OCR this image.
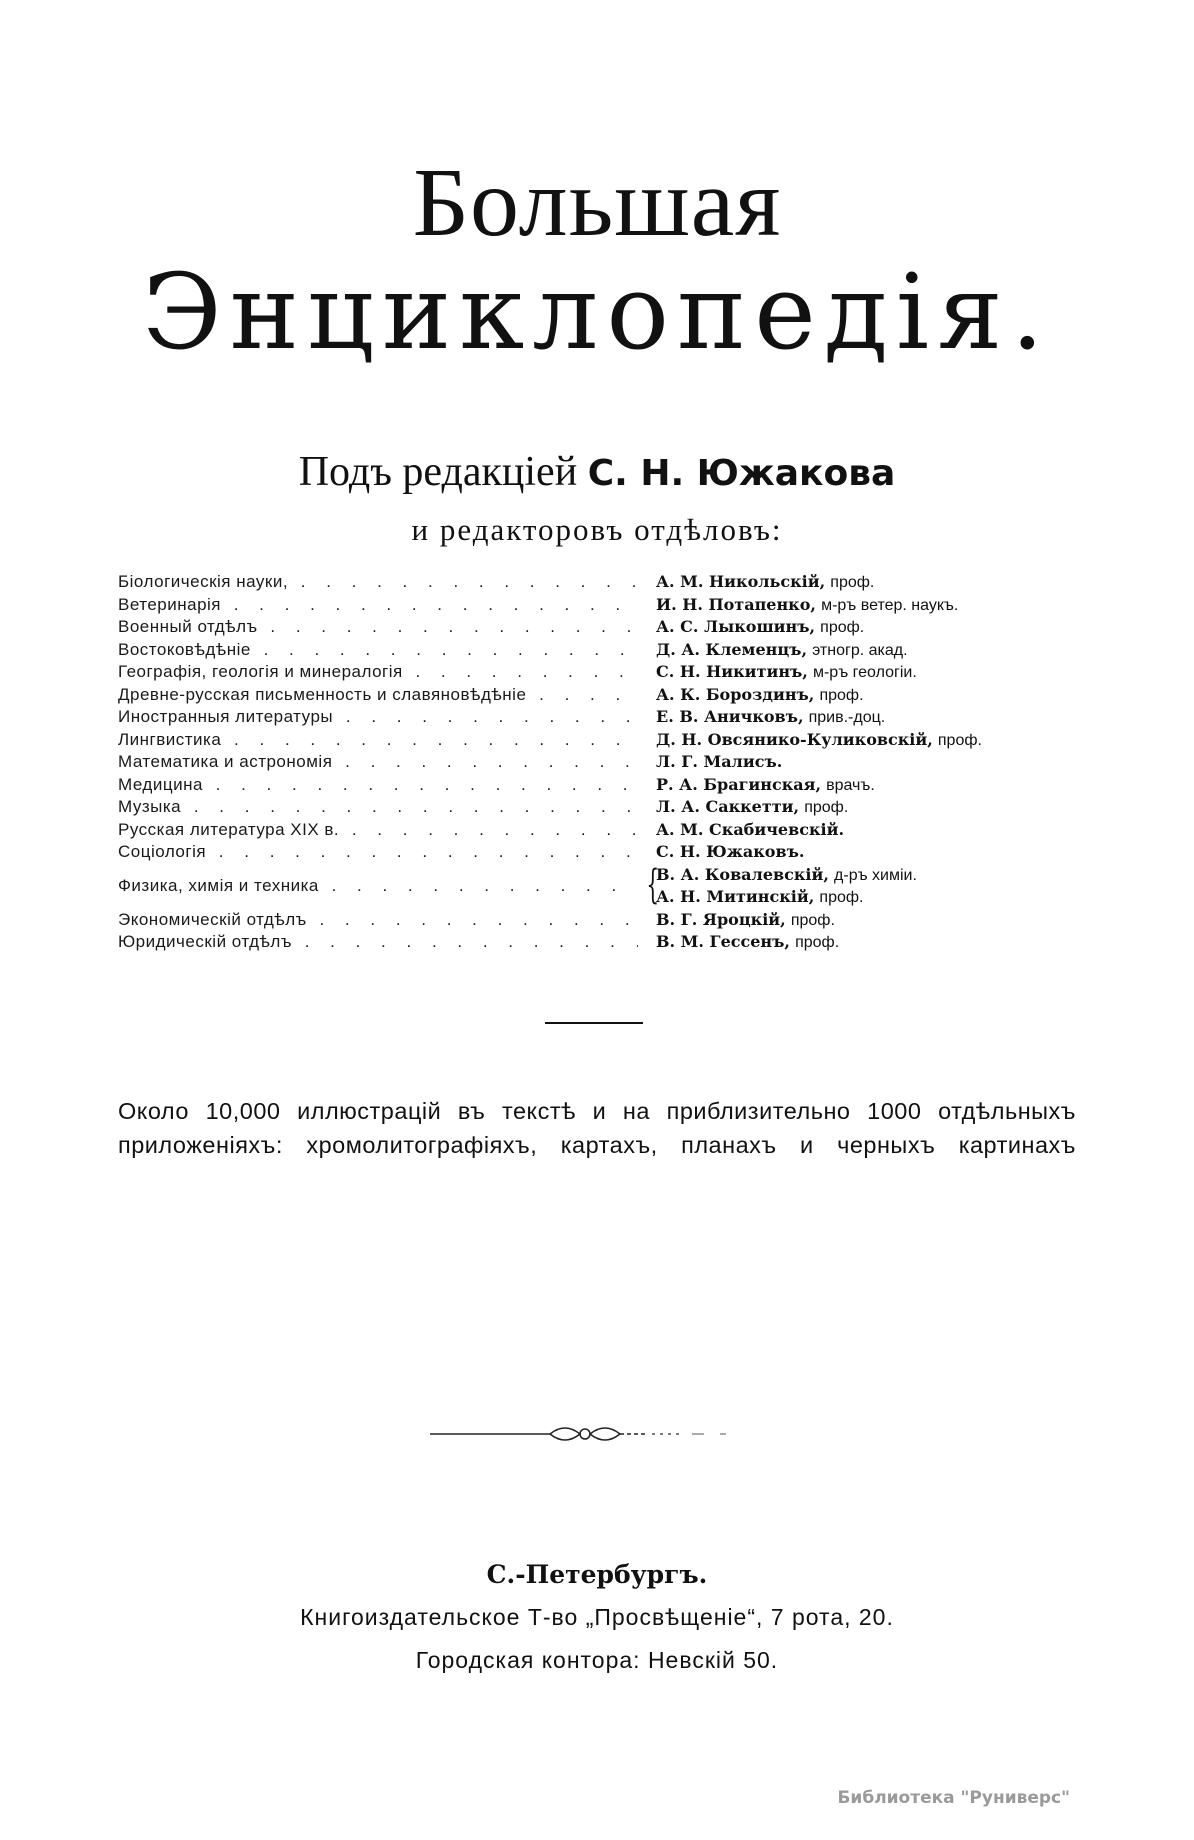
Большая
Энциклопедія.
Подъ редакціей С. Н. Южакова
и редакторовъ отдѣловъ:
Біологическія науки, . . .	А. М. Никольскій, проф.
Ветеринарія . . .	И. Н. Потапенко, м-ръ ветер. наукъ.
Военный отдѣлъ . . .	А. С. Лыкошинъ, проф.
Востоковѣдѣніе . . .	Д. А. Клеменцъ, этногр. акад.
Географія, геологія и минералогія . . .	С. Н. Никитинъ, м-ръ геологіи.
Древне-русская письменность и славяновѣдѣніе . . .	А. К. Бороздинъ, проф.
Иностранныя литературы . . .	Е. В. Аничковъ, прив.-доц.
Лингвистика . . .	Д. Н. Овсянико-Куликовскій, проф.
Математика и астрономія . . .	Л. Г. Малисъ.
Медицина . . .	Р. А. Брагинская, врачъ.
Музыка . . .	Л. А. Саккетти, проф.
Русская литература XIX в. . . .	А. М. Скабичевскій.
Соціологія . . .	С. Н. Южаковъ.
Физика, химія и техника . . .	{
В. А. Ковалевскій, д-ръ химіи.
А. Н. Митинскій, проф.
Экономическій отдѣлъ . . .	В. Г. Яроцкій, проф.
Юридическій отдѣлъ . . .	В. М. Гессенъ, проф.
Около 10,000 иллюстрацій въ текстѣ и на приблизительно 1000 отдѣльныхъ приложеніяхъ: хромолитографіяхъ, картахъ, планахъ и черныхъ картинахъ
С.-Петербургъ.
Книгоиздательское Т-во „Просвѣщеніе“, 7 рота, 20.
Городская контора: Невскій 50.
Библиотека "Руниверс"
